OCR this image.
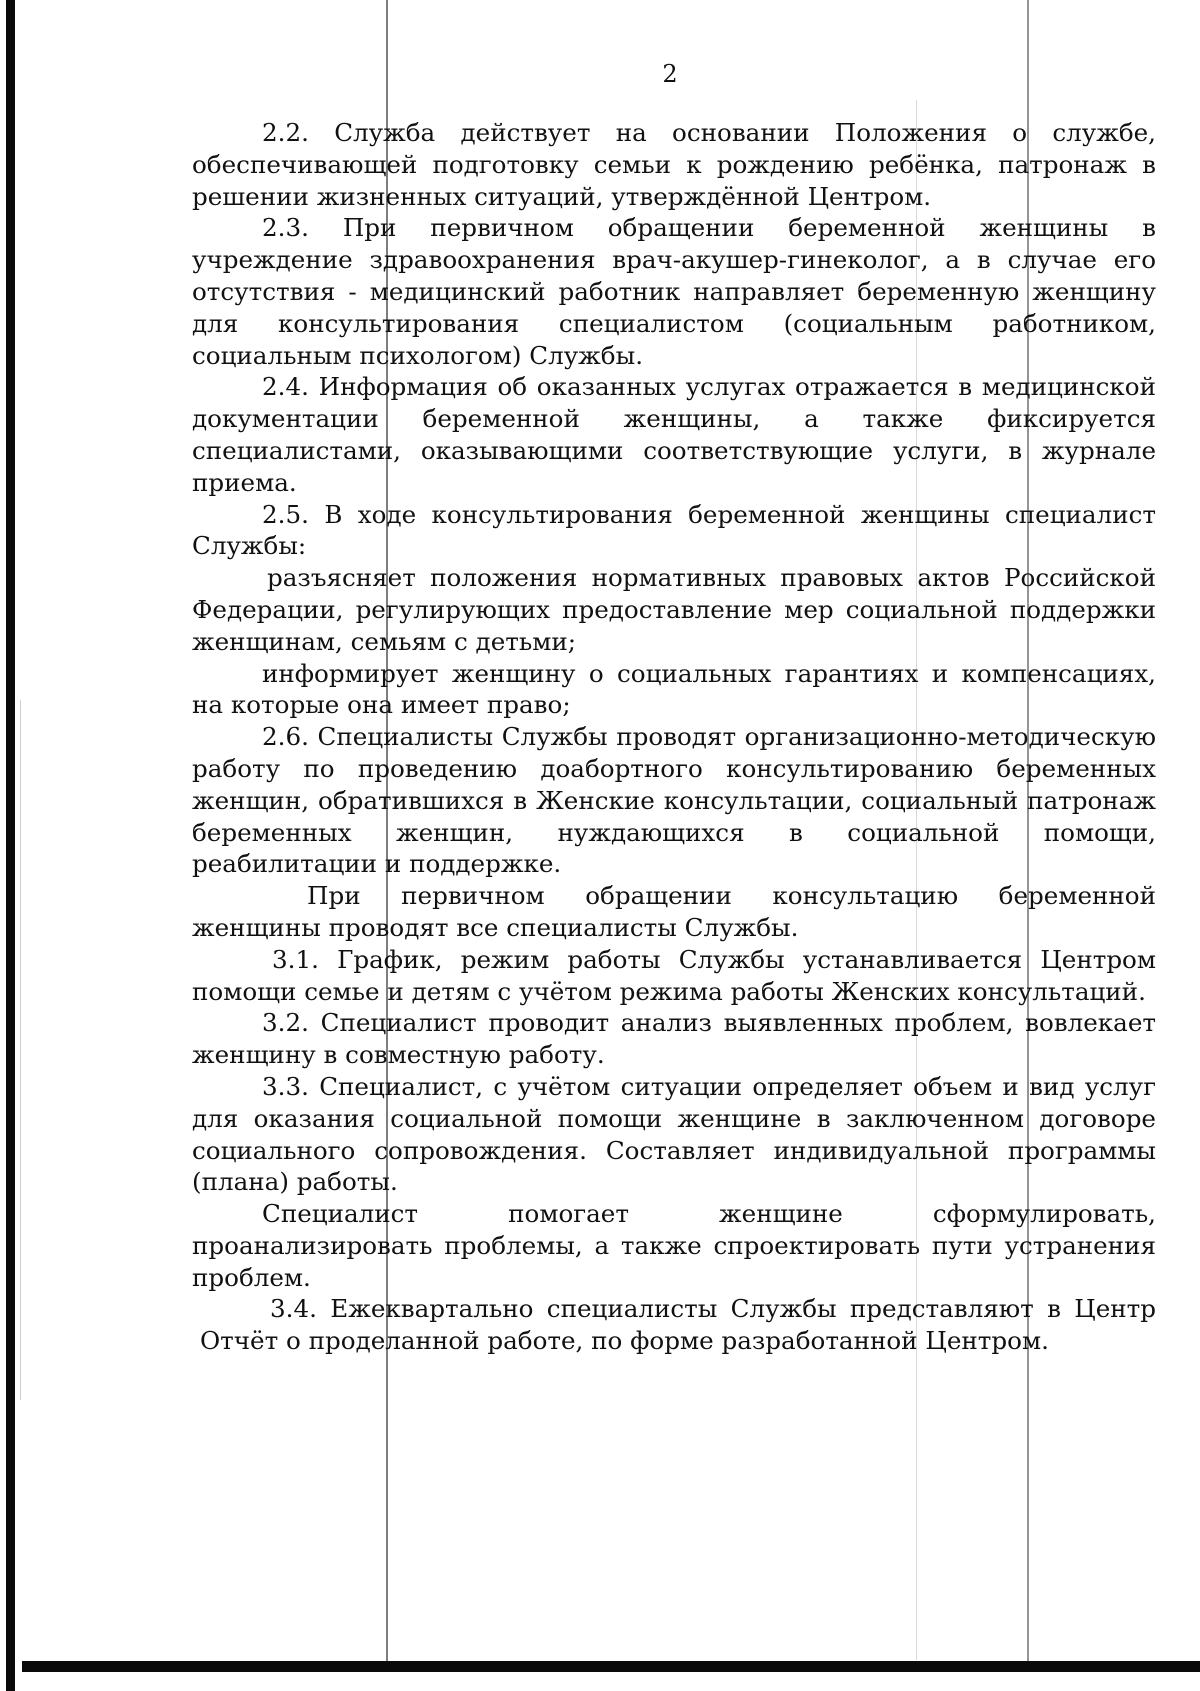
2

2.2. Служба действует на основании Положения о службе, обеспечивающей подготовку семьи к рождению ребёнка, патронаж в решении жизненных ситуаций, утверждённой Центром.

2.3. При первичном обращении беременной женщины в учреждение здравоохранения врач-акушер-гинеколог, а в случае его отсутствия - медицинский работник направляет беременную женщину для консультирования специалистом (социальным работником, социальным психологом) Службы.

2.4. Информация об оказанных услугах отражается в медицинской документации беременной женщины, а также фиксируется специалистами, оказывающими соответствующие услуги, в журнале приема.

2.5. В ходе консультирования беременной женщины специалист Службы:

разъясняет положения нормативных правовых актов Российской Федерации, регулирующих предоставление мер социальной поддержки женщинам, семьям с детьми;

информирует женщину о социальных гарантиях и компенсациях, на которые она имеет право;

2.6. Специалисты Службы проводят организационно-методическую работу по проведению доабортного консультированию беременных женщин, обратившихся в Женские консультации, социальный патронаж беременных женщин, нуждающихся в социальной помощи, реабилитации и поддержке.

При первичном обращении консультацию беременной женщины проводят все специалисты Службы.

3.1. График, режим работы Службы устанавливается Центром помощи семье и детям с учётом режима работы Женских консультаций.

3.2. Специалист проводит анализ выявленных проблем, вовлекает женщину в совместную работу.

3.3. Специалист, с учётом ситуации определяет объем и вид услуг для оказания социальной помощи женщине в заключенном договоре социального сопровождения. Составляет индивидуальной программы (плана) работы.

Специалист помогает женщине сформулировать, проанализировать проблемы, а также спроектировать пути устранения проблем.

3.4. Ежеквартально специалисты Службы представляют в Центр Отчёт о проделанной работе, по форме разработанной Центром.
